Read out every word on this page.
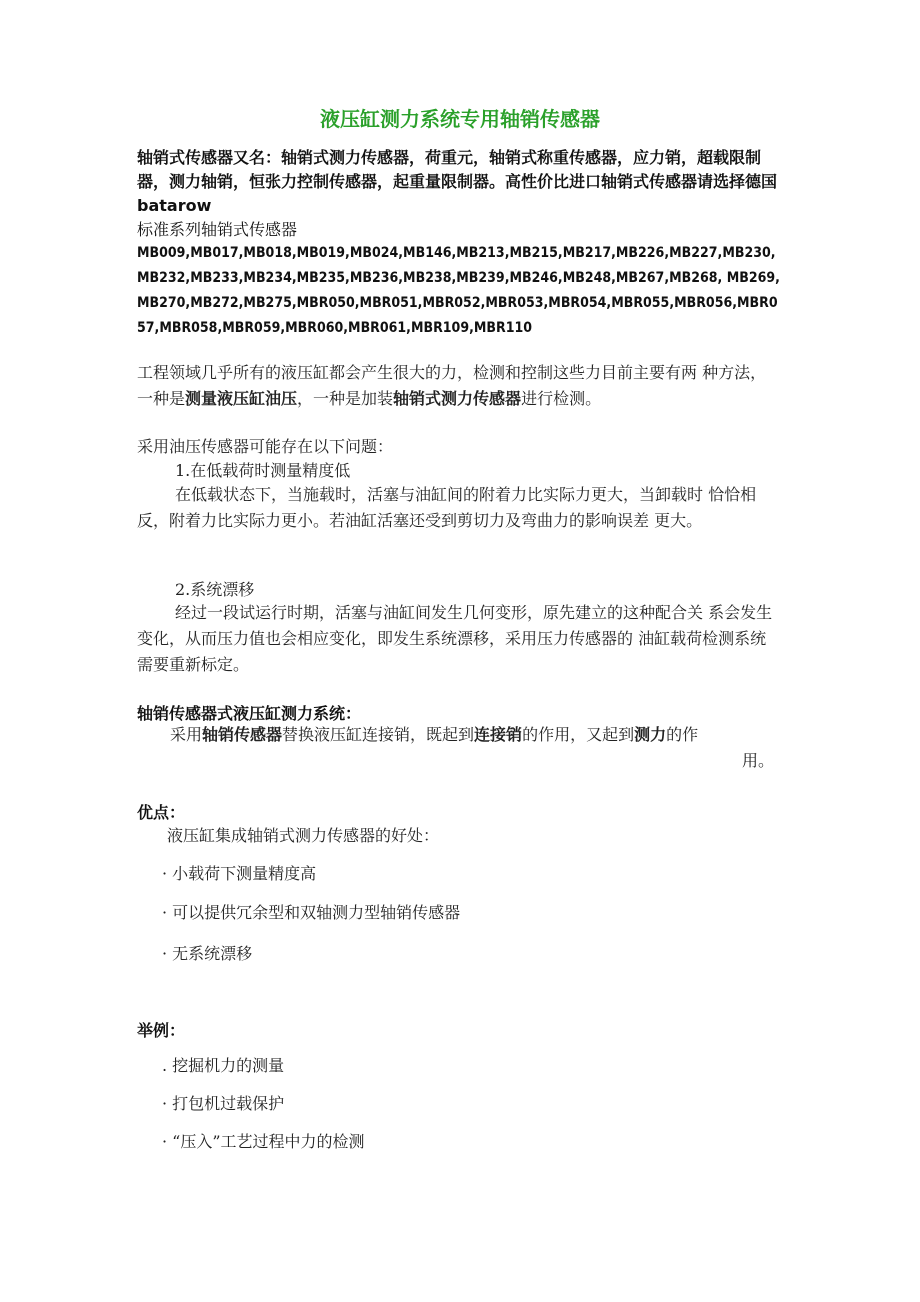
液压缸测力系统专用轴销传感器
轴销式传感器又名：轴销式测力传感器，荷重元，轴销式称重传感器，应力销，超载限制器，测力轴销，恒张力控制传感器，起重量限制器。高性价比进口轴销式传感器请选择德国batarow
标准系列轴销式传感器
MB009,MB017,MB018,MB019,MB024,MB146,MB213,MB215,MB217,MB226,MB227,MB230,MB232,MB233,MB234,MB235,MB236,MB238,MB239,MB246,MB248,MB267,MB268, MB269,MB270,MB272,MB275,MBR050,MBR051,MBR052,MBR053,MBR054,MBR055,MBR056,MBR057,MBR058,MBR059,MBR060,MBR061,MBR109,MBR110
工程领域几乎所有的液压缸都会产生很大的力，检测和控制这些力目前主要有两 种方法，一种是测量液压缸油压，一种是加装轴销式测力传感器进行检测。
采用油压传感器可能存在以下问题：
1.在低载荷时测量精度低
在低载状态下，当施载时，活塞与油缸间的附着力比实际力更大，当卸载时 恰恰相反，附着力比实际力更小。若油缸活塞还受到剪切力及弯曲力的影响误差 更大。
2.系统漂移
经过一段试运行时期，活塞与油缸间发生几何变形，原先建立的这种配合关 系会发生变化，从而压力值也会相应变化，即发生系统漂移，采用压力传感器的 油缸载荷检测系统需要重新标定。
轴销传感器式液压缸测力系统：
采用轴销传感器替换液压缸连接销，既起到连接销的作用，又起到测力的作
用。
优点：
液压缸集成轴销式测力传感器的好处：
· 小载荷下测量精度高
· 可以提供冗余型和双轴测力型轴销传感器
· 无系统漂移
举例：
. 挖掘机力的测量
· 打包机过载保护
· “压入”工艺过程中力的检测
